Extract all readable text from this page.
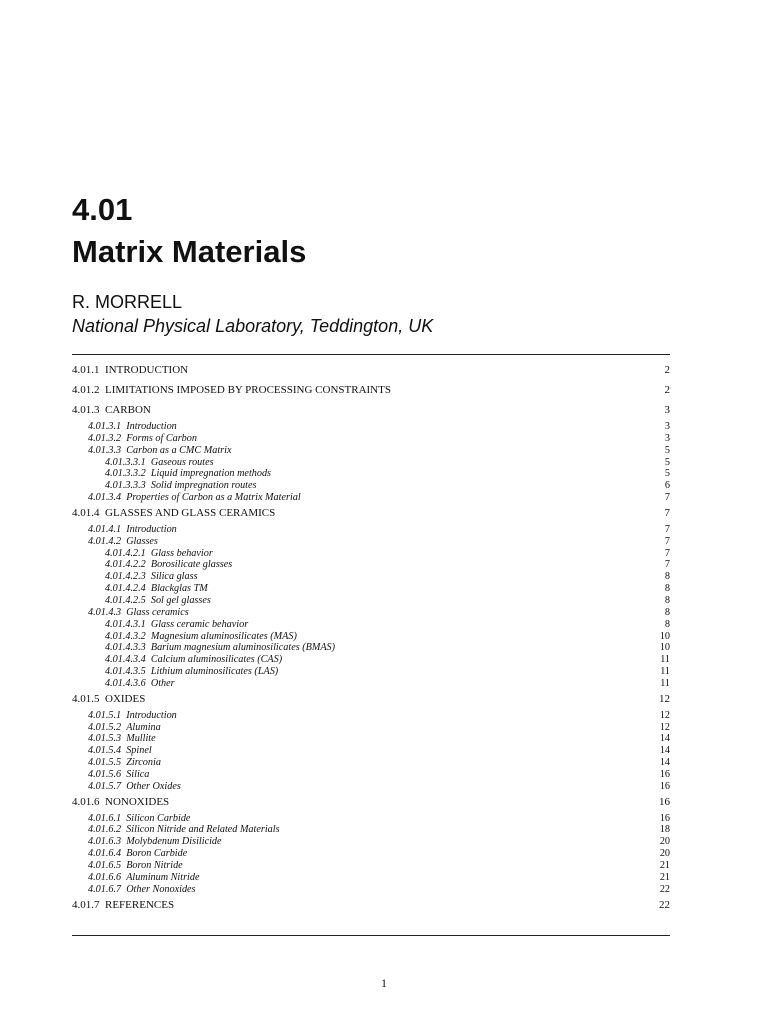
4.01
Matrix Materials
R. MORRELL
National Physical Laboratory, Teddington, UK
4.01.1 INTRODUCTION	2
4.01.2 LIMITATIONS IMPOSED BY PROCESSING CONSTRAINTS	2
4.01.3 CARBON	3
4.01.3.1 Introduction	3
4.01.3.2 Forms of Carbon	3
4.01.3.3 Carbon as a CMC Matrix	5
4.01.3.3.1 Gaseous routes	5
4.01.3.3.2 Liquid impregnation methods	5
4.01.3.3.3 Solid impregnation routes	6
4.01.3.4 Properties of Carbon as a Matrix Material	7
4.01.4 GLASSES AND GLASS CERAMICS	7
4.01.4.1 Introduction	7
4.01.4.2 Glasses	7
4.01.4.2.1 Glass behavior	7
4.01.4.2.2 Borosilicate glasses	7
4.01.4.2.3 Silica glass	8
4.01.4.2.4 Blackglas TM	8
4.01.4.2.5 Sol gel glasses	8
4.01.4.3 Glass ceramics	8
4.01.4.3.1 Glass ceramic behavior	8
4.01.4.3.2 Magnesium aluminosilicates (MAS)	10
4.01.4.3.3 Barium magnesium aluminosilicates (BMAS)	10
4.01.4.3.4 Calcium aluminosilicates (CAS)	11
4.01.4.3.5 Lithium aluminosilicates (LAS)	11
4.01.4.3.6 Other	11
4.01.5 OXIDES	12
4.01.5.1 Introduction	12
4.01.5.2 Alumina	12
4.01.5.3 Mullite	14
4.01.5.4 Spinel	14
4.01.5.5 Zirconia	14
4.01.5.6 Silica	16
4.01.5.7 Other Oxides	16
4.01.6 NONOXIDES	16
4.01.6.1 Silicon Carbide	16
4.01.6.2 Silicon Nitride and Related Materials	18
4.01.6.3 Molybdenum Disilicide	20
4.01.6.4 Boron Carbide	20
4.01.6.5 Boron Nitride	21
4.01.6.6 Aluminum Nitride	21
4.01.6.7 Other Nonoxides	22
4.01.7 REFERENCES	22
1
